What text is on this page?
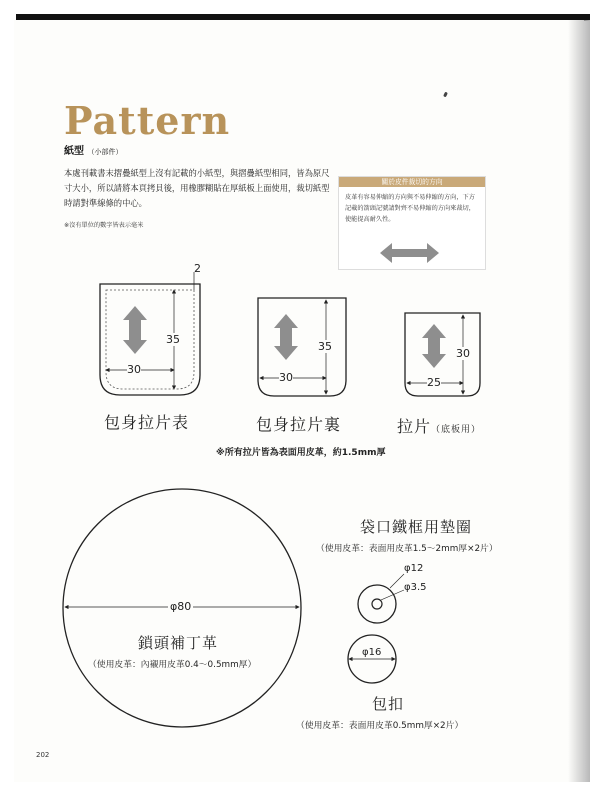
Pattern
紙型 （小部件）
本處刊載書末摺疊紙型上沒有記載的小紙型，與摺疊紙型相同，皆為原尺寸大小，所以請將本頁拷貝後，用橡膠糊貼在厚紙板上面使用，裁切紙型時請對準線條的中心。
※沒有單位的數字皆表示毫米
關於皮件裁切的方向
皮革有容易伸縮的方向與不易伸縮的方向，下方記載的箭頭記號請對齊不易伸縮的方向來裁切，使能提高耐久性。
2
35
30
35
30
30
25
包身拉片表	包身拉片裏	拉片（底板用）
※所有拉片皆為表面用皮革，約1.5mm厚
袋口鐵框用墊圈
（使用皮革：表面用皮革1.5～2mm厚×2片）
φ12
φ3.5
φ80
鎖頭補丁革
（使用皮革：內襯用皮革0.4～0.5mm厚）
φ16
包扣
（使用皮革：表面用皮革0.5mm厚×2片）
202
